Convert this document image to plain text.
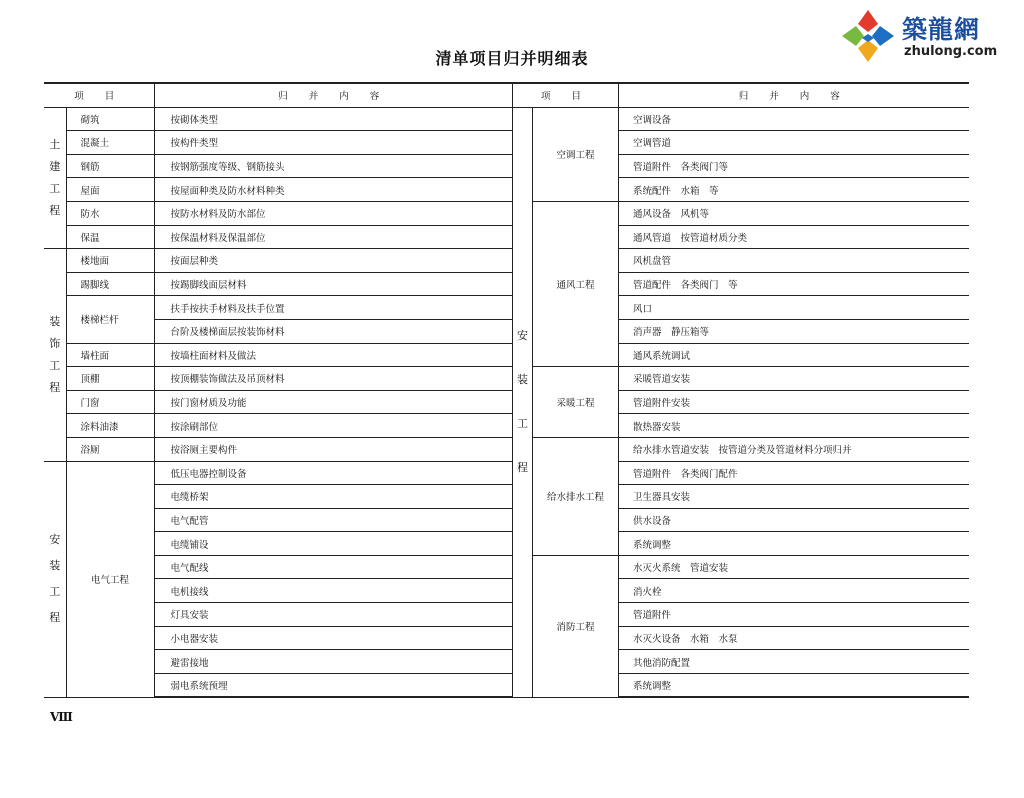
築龍網
zhulong.com
清单项目归并明细表
项 目		归 并 内 容
土
建
工
程	砌筑	按砌体类型
	混凝土	按构件类型
	钢筋	按钢筋强度等级、钢筋接头
	屋面	按屋面种类及防水材料种类
	防水	按防水材料及防水部位
	保温	按保温材料及保温部位
装
饰
工
程	楼地面	按面层种类
	踢脚线	按踢脚线面层材料
	楼梯栏杆	扶手按扶手材料及扶手位置
		台阶及楼梯面层按装饰材料
	墙柱面	按墙柱面材料及做法
	顶棚	按顶棚装饰做法及吊顶材料
	门窗	按门窗材质及功能
	涂料油漆	按涂刷部位
	浴厕	按浴厕主要构件
安
装
工
程	电气工程	低压电器控制设备
		电缆桥架
		电气配管
		电缆铺设
		电气配线
		电机接线
		灯具安装
		小电器安装
		避雷接地
		弱电系统预埋
项 目		归 并 内 容
安
装
工
程	空调工程	空调设备
		空调管道
		管道附件　各类阀门等
		系统配件　水箱　等
	通风工程	通风设备　风机等
		通风管道　按管道材质分类
		风机盘管
		管道配件　各类阀门　等
		风口
		消声器　静压箱等
		通风系统调试
	采暖工程	采暖管道安装
		管道附件安装
		散热器安装
	给水排水工程	给水排水管道安装　按管道分类及管道材料分项归并
		管道附件　各类阀门配件
		卫生器具安装
		供水设备
		系统调整
	消防工程	水灭火系统　管道安装
		消火栓
		管道附件
		水灭火设备　水箱　水泵
		其他消防配置
		系统调整
Ⅷ
